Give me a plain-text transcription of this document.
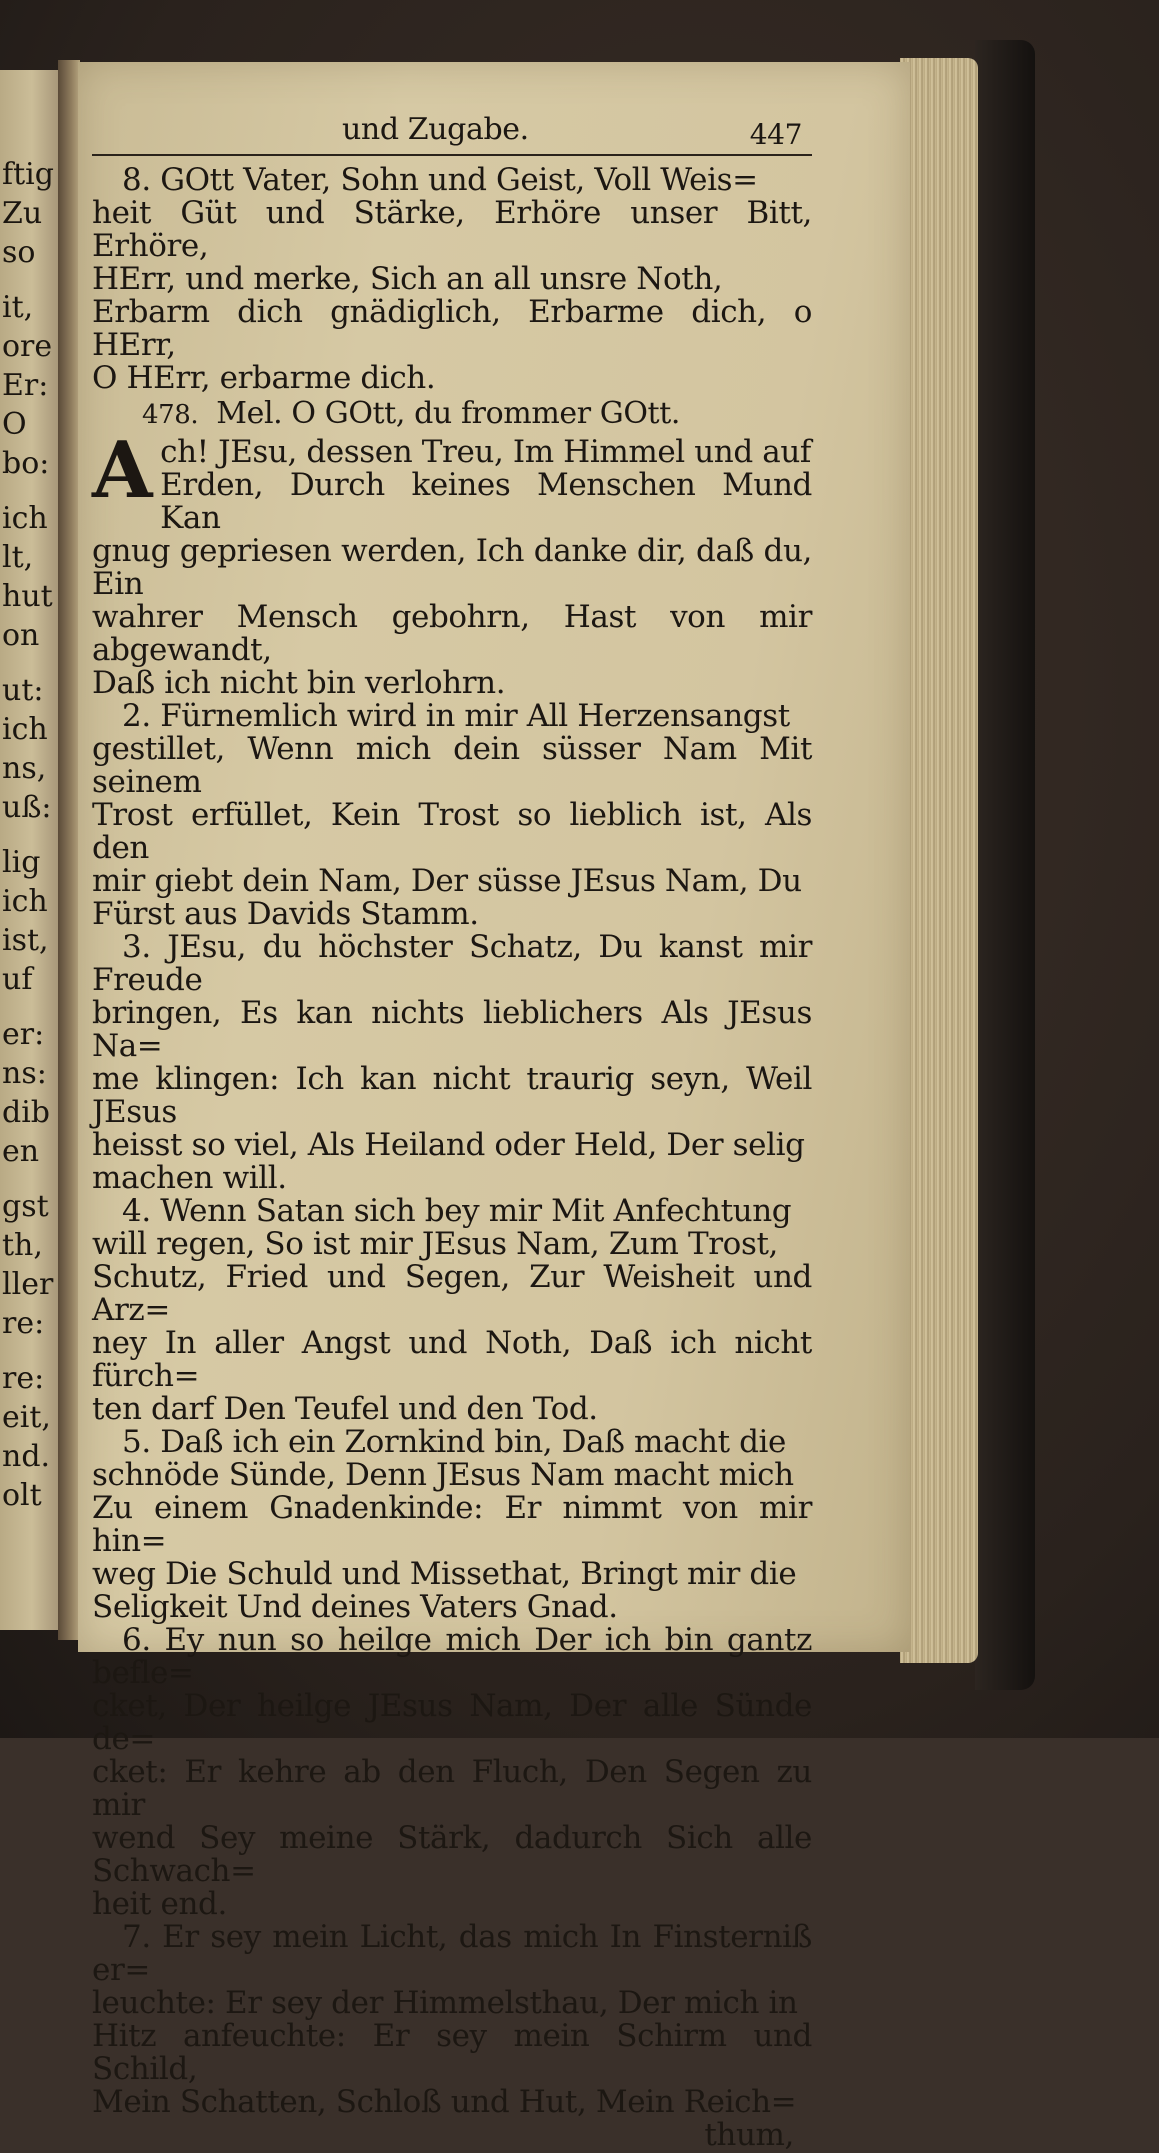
ftig
Zu
so
it,
ore
Er:
O
bo:
ich
lt,
hut
on
ut:
ich
ns,
uß:
lig
ich
ist,
uf
er:
ns:
dib
en
gst
th,
ller
re:
re:
eit,
nd.
olt
und Zugabe.	447

8. GOtt Vater, Sohn und Geist, Voll Weis=

heit Güt und Stärke, Erhöre unser Bitt, Erhöre,

HErr, und merke, Sich an all unsre Noth,

Erbarm dich gnädiglich, Erbarme dich, o HErr,

O HErr, erbarme dich.

478. Mel. O GOtt, du frommer GOtt.
A ch! JEsu, dessen Treu, Im Himmel und auf

Erden, Durch keines Menschen Mund Kan

gnug gepriesen werden, Ich danke dir, daß du, Ein

wahrer Mensch gebohrn, Hast von mir abgewandt,

Daß ich nicht bin verlohrn.

2. Fürnemlich wird in mir All Herzensangst

gestillet, Wenn mich dein süsser Nam Mit seinem

Trost erfüllet, Kein Trost so lieblich ist, Als den

mir giebt dein Nam, Der süsse JEsus Nam, Du

Fürst aus Davids Stamm.

3. JEsu, du höchster Schatz, Du kanst mir Freude

bringen, Es kan nichts lieblichers Als JEsus Na=

me klingen: Ich kan nicht traurig seyn, Weil JEsus

heisst so viel, Als Heiland oder Held, Der selig

machen will.

4. Wenn Satan sich bey mir Mit Anfechtung

will regen, So ist mir JEsus Nam, Zum Trost,

Schutz, Fried und Segen, Zur Weisheit und Arz=

ney In aller Angst und Noth, Daß ich nicht fürch=

ten darf Den Teufel und den Tod.

5. Daß ich ein Zornkind bin, Daß macht die

schnöde Sünde, Denn JEsus Nam macht mich

Zu einem Gnadenkinde: Er nimmt von mir hin=

weg Die Schuld und Missethat, Bringt mir die

Seligkeit Und deines Vaters Gnad.

6. Ey nun so heilge mich Der ich bin gantz befle=

cket, Der heilge JEsus Nam, Der alle Sünde de=

cket: Er kehre ab den Fluch, Den Segen zu mir

wend Sey meine Stärk, dadurch Sich alle Schwach=

heit end.

7. Er sey mein Licht, das mich In Finsterniß er=

leuchte: Er sey der Himmelsthau, Der mich in

Hitz anfeuchte: Er sey mein Schirm und Schild,

Mein Schatten, Schloß und Hut, Mein Reich=

thum,
